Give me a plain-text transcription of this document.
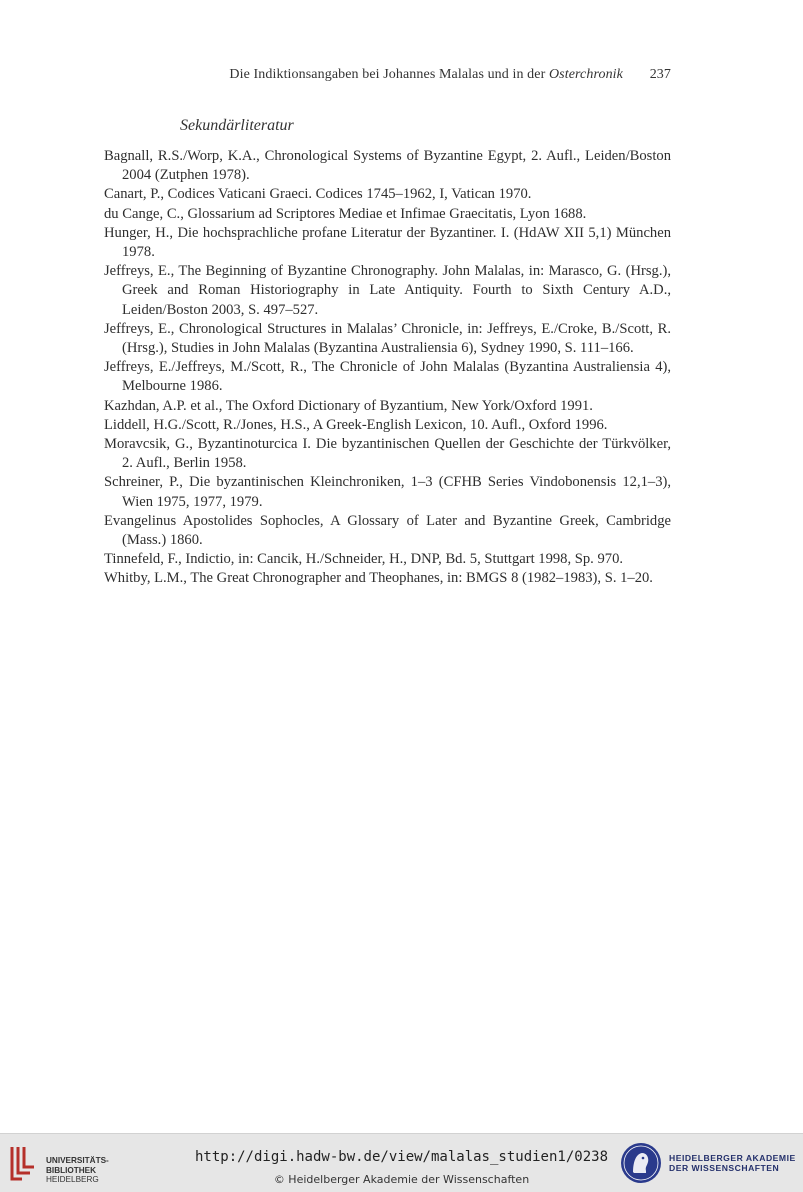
Die Indiktionsangaben bei Johannes Malalas und in der Osterchronik 237
Sekundärliteratur
Bagnall, R.S./Worp, K.A., Chronological Systems of Byzantine Egypt, 2. Aufl., Leiden/Boston 2004 (Zutphen 1978).
Canart, P., Codices Vaticani Graeci. Codices 1745–1962, I, Vatican 1970.
du Cange, C., Glossarium ad Scriptores Mediae et Infimae Graecitatis, Lyon 1688.
Hunger, H., Die hochsprachliche profane Literatur der Byzantiner. I. (HdAW XII 5,1) München 1978.
Jeffreys, E., The Beginning of Byzantine Chronography. John Malalas, in: Marasco, G. (Hrsg.), Greek and Roman Historiography in Late Antiquity. Fourth to Sixth Century A.D., Leiden/Boston 2003, S. 497–527.
Jeffreys, E., Chronological Structures in Malalas’ Chronicle, in: Jeffreys, E./Croke, B./Scott, R. (Hrsg.), Studies in John Malalas (Byzantina Australiensia 6), Sydney 1990, S. 111–166.
Jeffreys, E./Jeffreys, M./Scott, R., The Chronicle of John Malalas (Byzantina Australiensia 4), Melbourne 1986.
Kazhdan, A.P. et al., The Oxford Dictionary of Byzantium, New York/Oxford 1991.
Liddell, H.G./Scott, R./Jones, H.S., A Greek-English Lexicon, 10. Aufl., Oxford 1996.
Moravcsik, G., Byzantinoturcica I. Die byzantinischen Quellen der Geschichte der Türkvölker, 2. Aufl., Berlin 1958.
Schreiner, P., Die byzantinischen Kleinchroniken, 1–3 (CFHB Series Vindobonensis 12,1–3), Wien 1975, 1977, 1979.
Evangelinus Apostolides Sophocles, A Glossary of Later and Byzantine Greek, Cambridge (Mass.) 1860.
Tinnefeld, F., Indictio, in: Cancik, H./Schneider, H., DNP, Bd. 5, Stuttgart 1998, Sp. 970.
Whitby, L.M., The Great Chronographer and Theophanes, in: BMGS 8 (1982–1983), S. 1–20.
UNIVERSITÄTS-
BIBLIOTHEK
HEIDELBERG
http://digi.hadw-bw.de/view/malalas_studien1/0238
© Heidelberger Akademie der Wissenschaften
HEIDELBERGER AKADEMIE
DER WISSENSCHAFTEN
